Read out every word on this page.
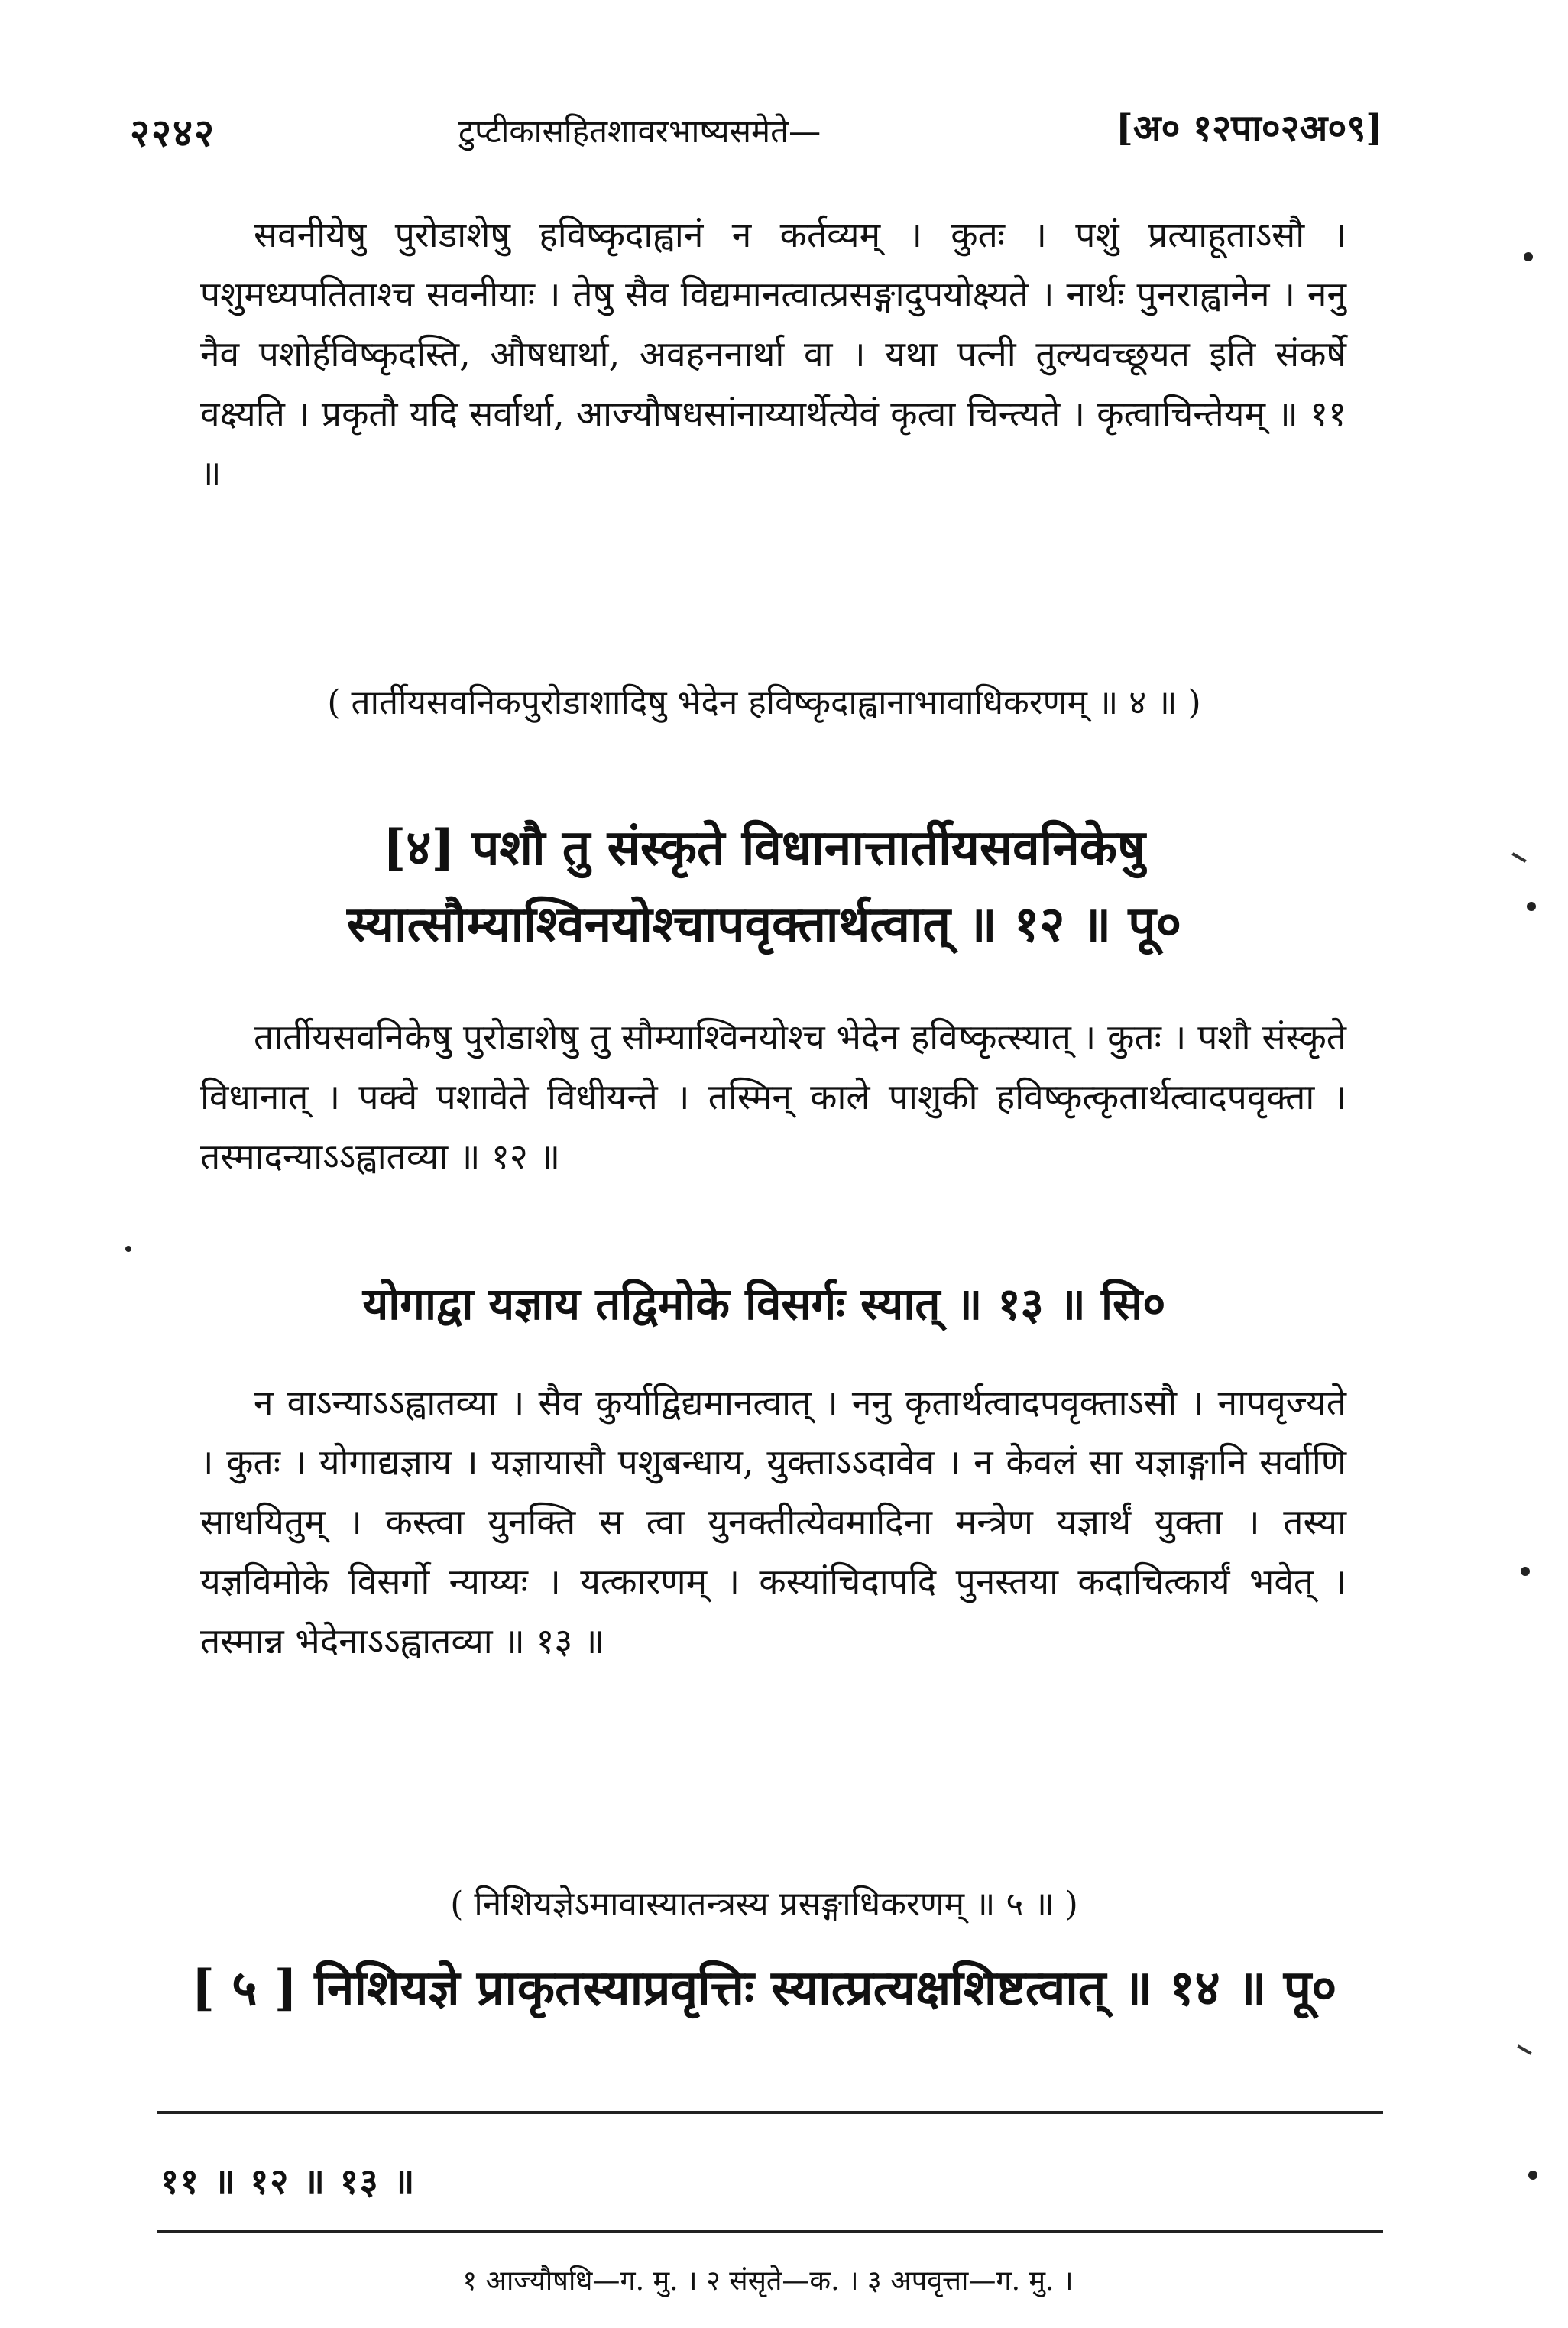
२२४२	टुप्टीकासहितशावरभाष्यसमेते—	[अ० १२पा०२अ०९]

सवनीयेषु पुरोडाशेषु हविष्कृदाह्वानं न कर्तव्यम् । कुतः । पशुं प्रत्याहूताऽसौ । पशुमध्यपतिताश्च सवनीयाः । तेषु सैव विद्यमानत्वात्प्रसङ्गादुपयोक्ष्यते । नार्थः पुनराह्वानेन । ननु नैव पशोर्हविष्कृदस्ति, औषधार्था, अवहननार्था वा । यथा पत्नी तुल्यवच्छूयत इति संकर्षे वक्ष्यति । प्रकृतौ यदि सर्वार्था, आज्यौषधसांनाय्यार्थेत्येवं कृत्वा चिन्त्यते । कृत्वाचिन्तेयम् ॥ ११ ॥

( तार्तीयसवनिकपुरोडाशादिषु भेदेन हविष्कृदाह्वानाभावाधिकरणम् ॥ ४ ॥ )

[४] पशौ तु संस्कृते विधानात्तार्तीयसवनिकेषु स्यात्सौम्याश्विनयोश्चापवृक्तार्थत्वात् ॥ १२ ॥ पू०

तार्तीयसवनिकेषु पुरोडाशेषु तु सौम्याश्विनयोश्च भेदेन हविष्कृत्स्यात् । कुतः । पशौ संस्कृते विधानात् । पक्वे पशावेते विधीयन्ते । तस्मिन् काले पाशुकी हविष्कृत्कृतार्थत्वादपवृक्ता । तस्मादन्याऽऽह्वातव्या ॥ १२ ॥

योगाद्वा यज्ञाय तद्विमोके विसर्गः स्यात् ॥ १३ ॥ सि०

न वाऽन्याऽऽह्वातव्या । सैव कुर्याद्विद्यमानत्वात् । ननु कृतार्थत्वादपवृक्ताऽसौ । नापवृज्यते । कुतः । योगाद्यज्ञाय । यज्ञायासौ पशुबन्धाय, युक्ताऽऽदावेव । न केवलं सा यज्ञाङ्गानि सर्वाणि साधयितुम् । कस्त्वा युनक्ति स त्वा युनक्तीत्येवमादिना मन्त्रेण यज्ञार्थं युक्ता । तस्या यज्ञविमोके विसर्गो न्याय्यः । यत्कारणम् । कस्यांचिदापदि पुनस्तया कदाचित्कार्यं भवेत् । तस्मान्न भेदेनाऽऽह्वातव्या ॥ १३ ॥

( निशियज्ञेऽमावास्यातन्त्रस्य प्रसङ्गाधिकरणम् ॥ ५ ॥ )

[ ५ ] निशियज्ञे प्राकृतस्याप्रवृत्तिः स्यात्प्रत्यक्षशिष्टत्वात् ॥ १४ ॥ पू०

११ ॥ १२ ॥ १३ ॥
१ आज्यौषधि—ग. मु. । २ संसृते—क. । ३ अपवृत्ता—ग. मु. ।
